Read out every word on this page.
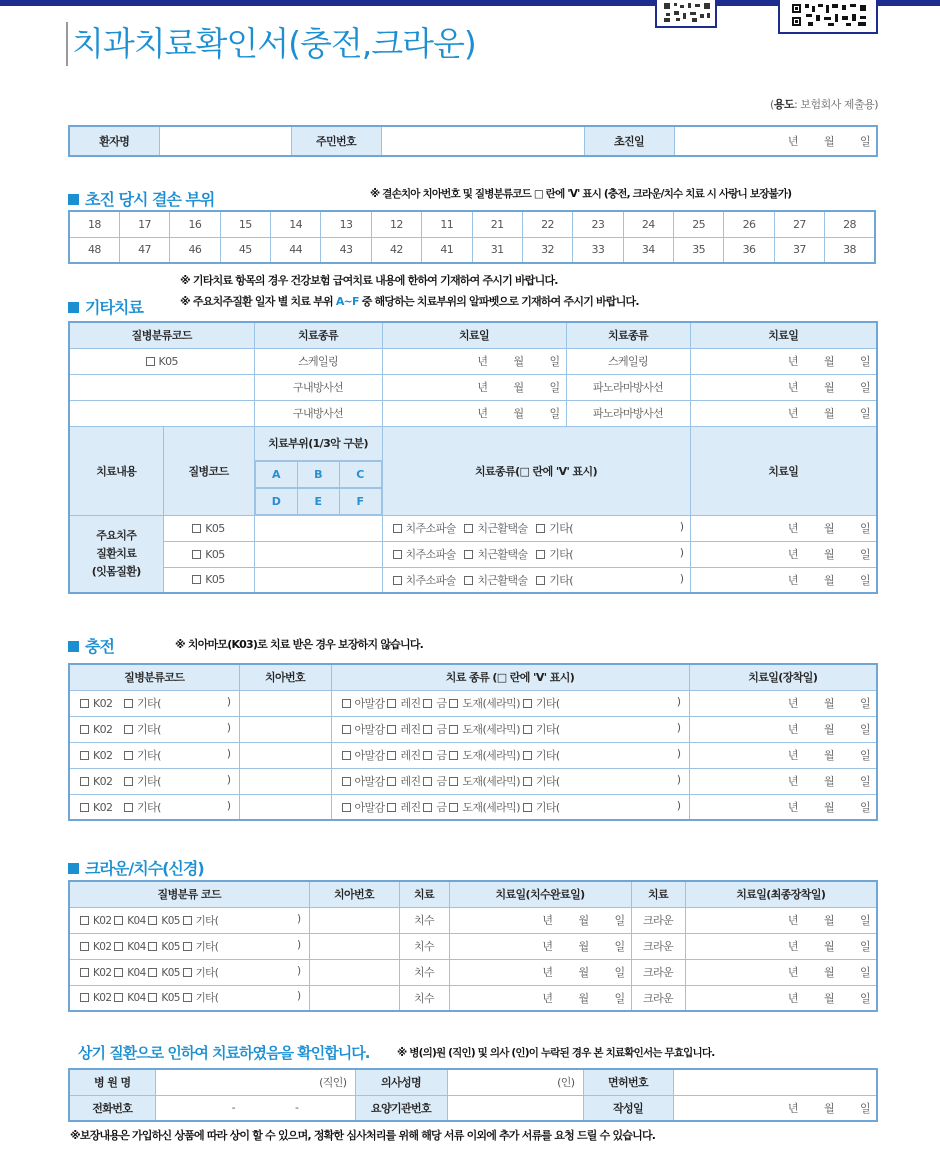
치과치료확인서(충전,크라운)
(용도: 보험회사 제출용)
환자명		주민번호		초진일	년 월 일
초진 당시 결손 부위	※ 결손치아 치아번호 및 질병분류코드 □ 란에 'V' 표시 (충전, 크라운/치수 치료 시 사랑니 보장불가)
18	17	16	15	14	13	12	11	21	22	23	24	25	26	27	28
48	47	46	45	44	43	42	41	31	32	33	34	35	36	37	38
※ 기타치료 항목의 경우 건강보험 급여치료 내용에 한하여 기재하여 주시기 바랍니다.
기타치료	※ 주요치주질환 일자 별 치료 부위 A~F 중 해당하는 치료부위의 알파벳으로 기재하여 주시기 바랍니다.
질병분류코드	치료종류	치료일	치료종류	치료일
K05	스케일링	년 월 일	스케일링	년 월 일

	구내방사선	년 월 일	파노라마방사선	년 월 일

	구내방사선	년 월 일	파노라마방사선	년 월 일

치료내용	질병코드	치료부위(1/3악 구분)	치료종류(□ 란에 'V' 표시)	치료일

A	B	C

D	E	F

주요치주
질환치료
(잇몸질환)	K05		치주소파술 치근활택술 기타(	)	년 월 일

K05		치주소파술 치근활택술 기타(	)	년 월 일

K05		치주소파술 치근활택술 기타(	)	년 월 일
충전	※ 치아마모(K03)로 치료 받은 경우 보장하지 않습니다.
질병분류코드	치아번호	치료 종류 (□ 란에 'V' 표시)	치료일(장착일)
K02 기타( )		아말감 레진 금 도재(세라믹) 기타( )	년 월 일

K02 기타( )		아말감 레진 금 도재(세라믹) 기타( )	년 월 일

K02 기타( )		아말감 레진 금 도재(세라믹) 기타( )	년 월 일

K02 기타( )		아말감 레진 금 도재(세라믹) 기타( )	년 월 일

K02 기타( )		아말감 레진 금 도재(세라믹) 기타( )	년 월 일
크라운/치수(신경)
질병분류 코드	치아번호	치료	치료일(치수완료일)	치료	치료일(최종장착일)
K02 K04 K05 기타( )		치수	년 월 일	크라운	년 월 일

K02 K04 K05 기타( )		치수	년 월 일	크라운	년 월 일

K02 K04 K05 기타( )		치수	년 월 일	크라운	년 월 일

K02 K04 K05 기타( )		치수	년 월 일	크라운	년 월 일
상기 질환으로 인하여 치료하였음을 확인합니다.	※ 병(의)원 (직인) 및 의사 (인)이 누락된 경우 본 치료확인서는 무효입니다.
병 원 명	(직인)	의사성명	(인)	면허번호	
전화번호	- -	요양기관번호		작성일	년 월 일
※보장내용은 가입하신 상품에 따라 상이 할 수 있으며, 정확한 심사처리를 위해 해당 서류 이외에 추가 서류를 요청 드릴 수 있습니다.
